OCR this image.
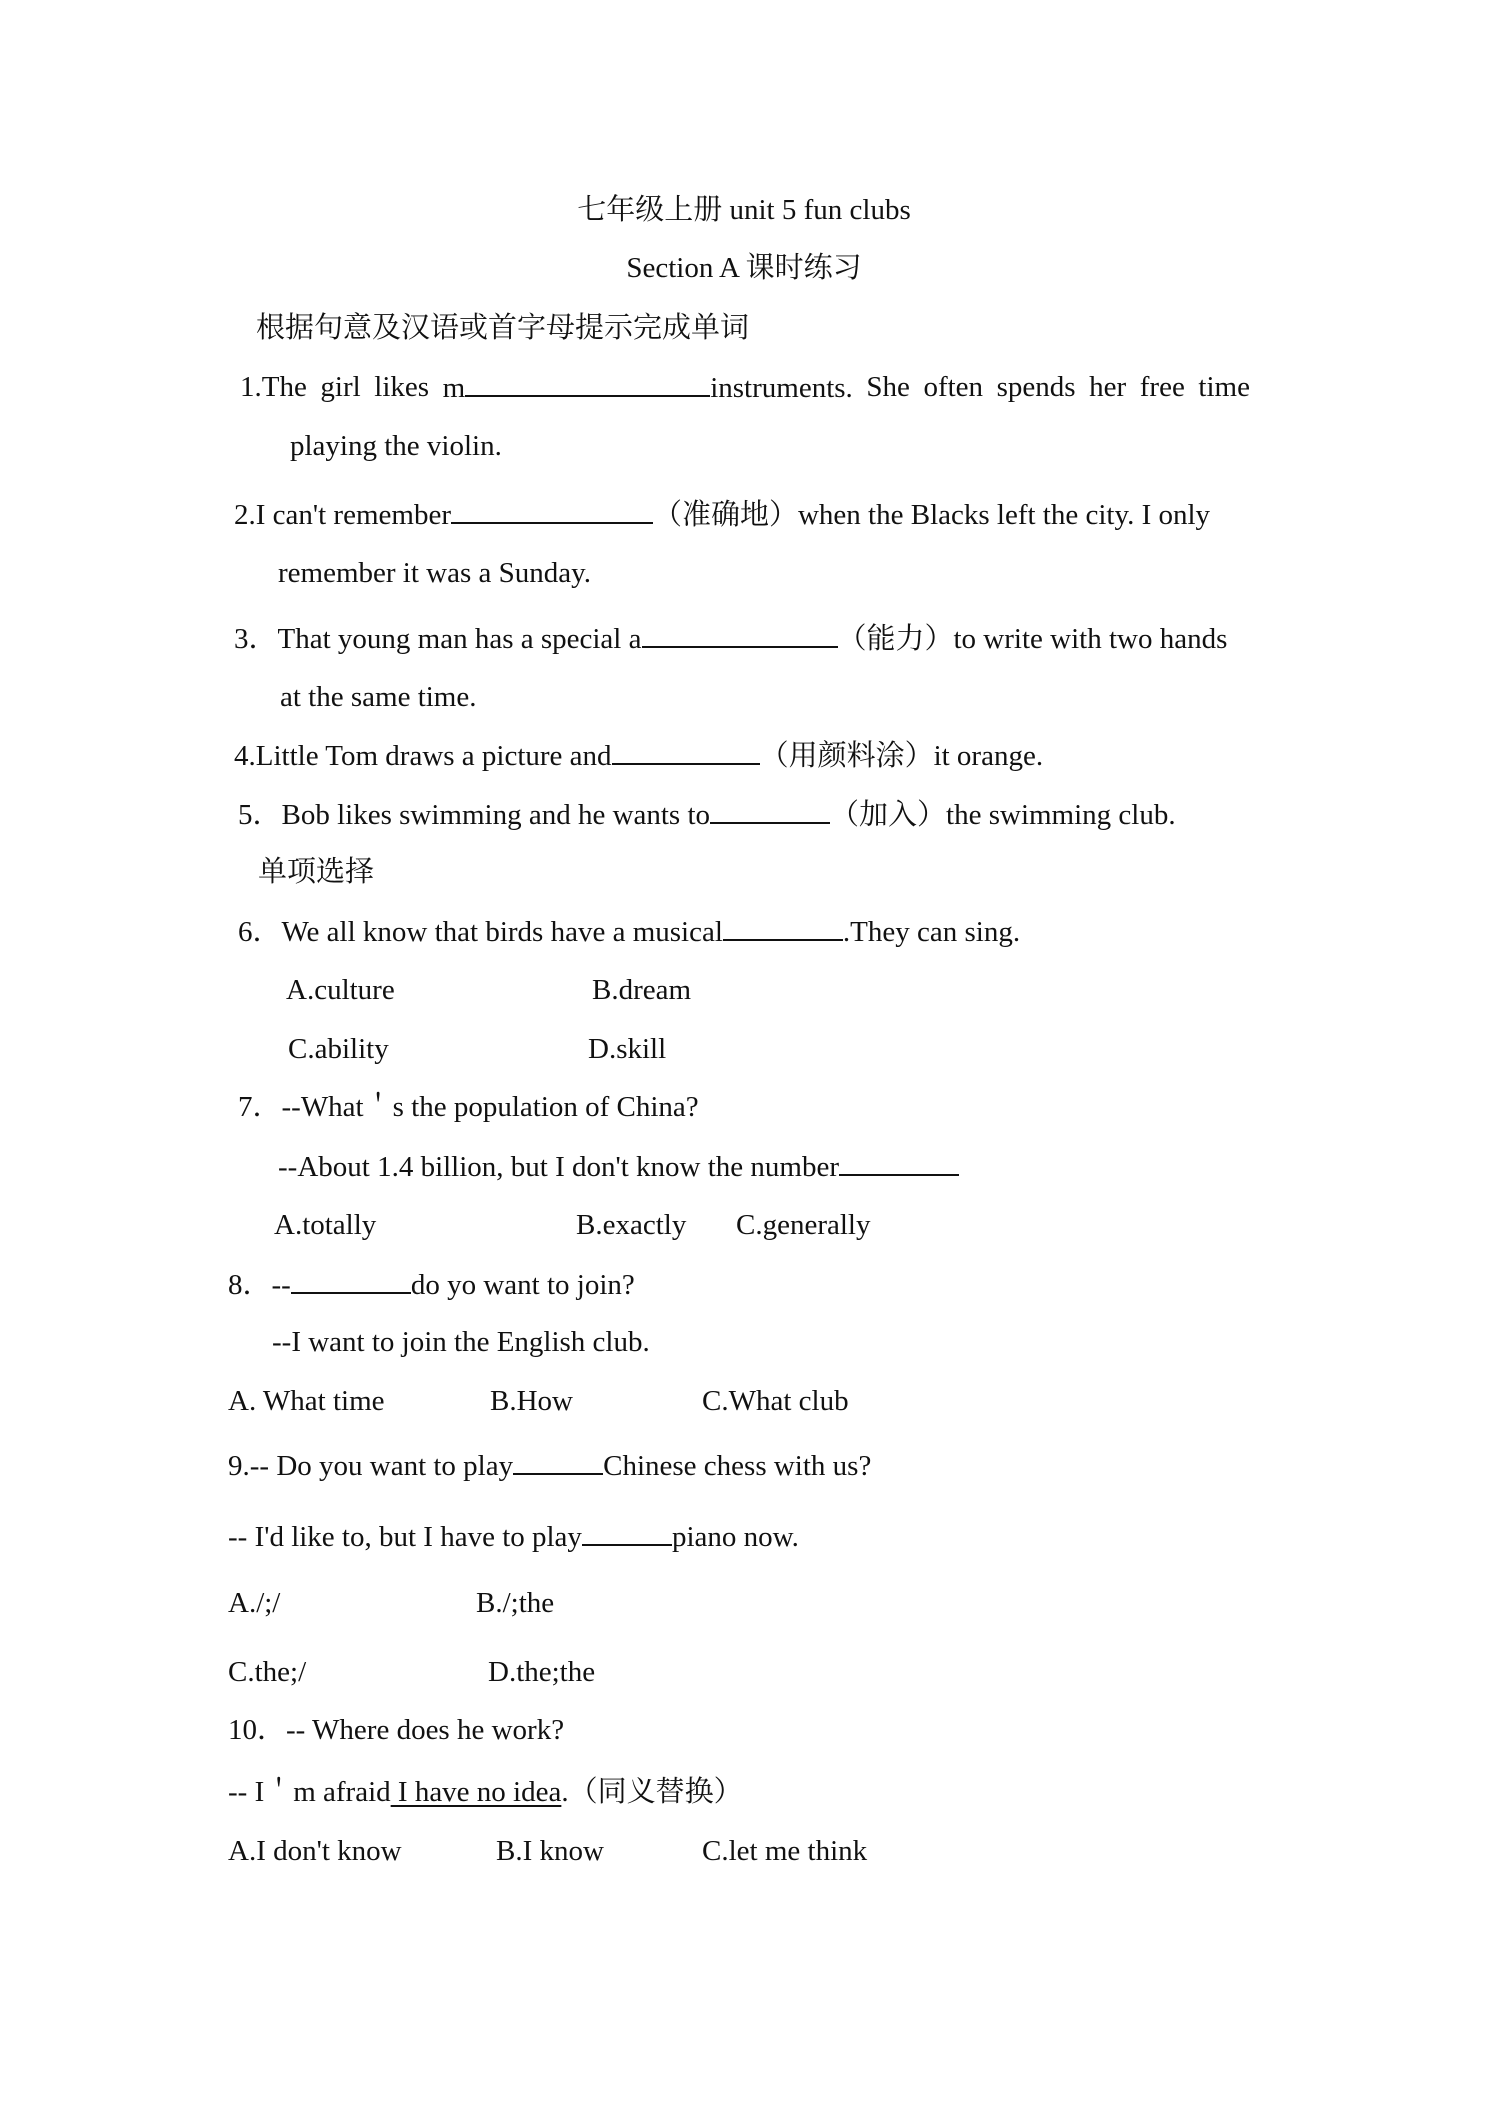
七年级上册 unit 5 fun clubs
Section A 课时练习
根据句意及汉语或首字母提示完成单词
1.The girl likes m	instruments. She often spends her free time
playing the violin.
2.I can't remember	（准确地）when the Blacks left the city. I only
remember it was a Sunday.
3．That young man has a special a	（能力）to write with two hands
at the same time.
4.Little Tom draws a picture and	（用颜料涂）it orange.
5．Bob likes swimming and he wants to	（加入）the swimming club.
单项选择
6．We all know that birds have a musical	.They can sing.
A.culture	B.dream
C.ability	D.skill
7．--What＇s the population of China?
--About 1.4 billion, but I don't know the number
A.totally	B.exactly C.generally
8．--	do yo want to join?
--I want to join the English club.
A. What time	B.How	C.What club
9.-- Do you want to play	Chinese chess with us?
-- I'd like to, but I have to play	piano now.
A./;/	B./;the
C.the;/	D.the;the
10．-- Where does he work?
-- I＇m afraid I have no idea.（同义替换）
A.I don't know	B.I know	C.let me think
